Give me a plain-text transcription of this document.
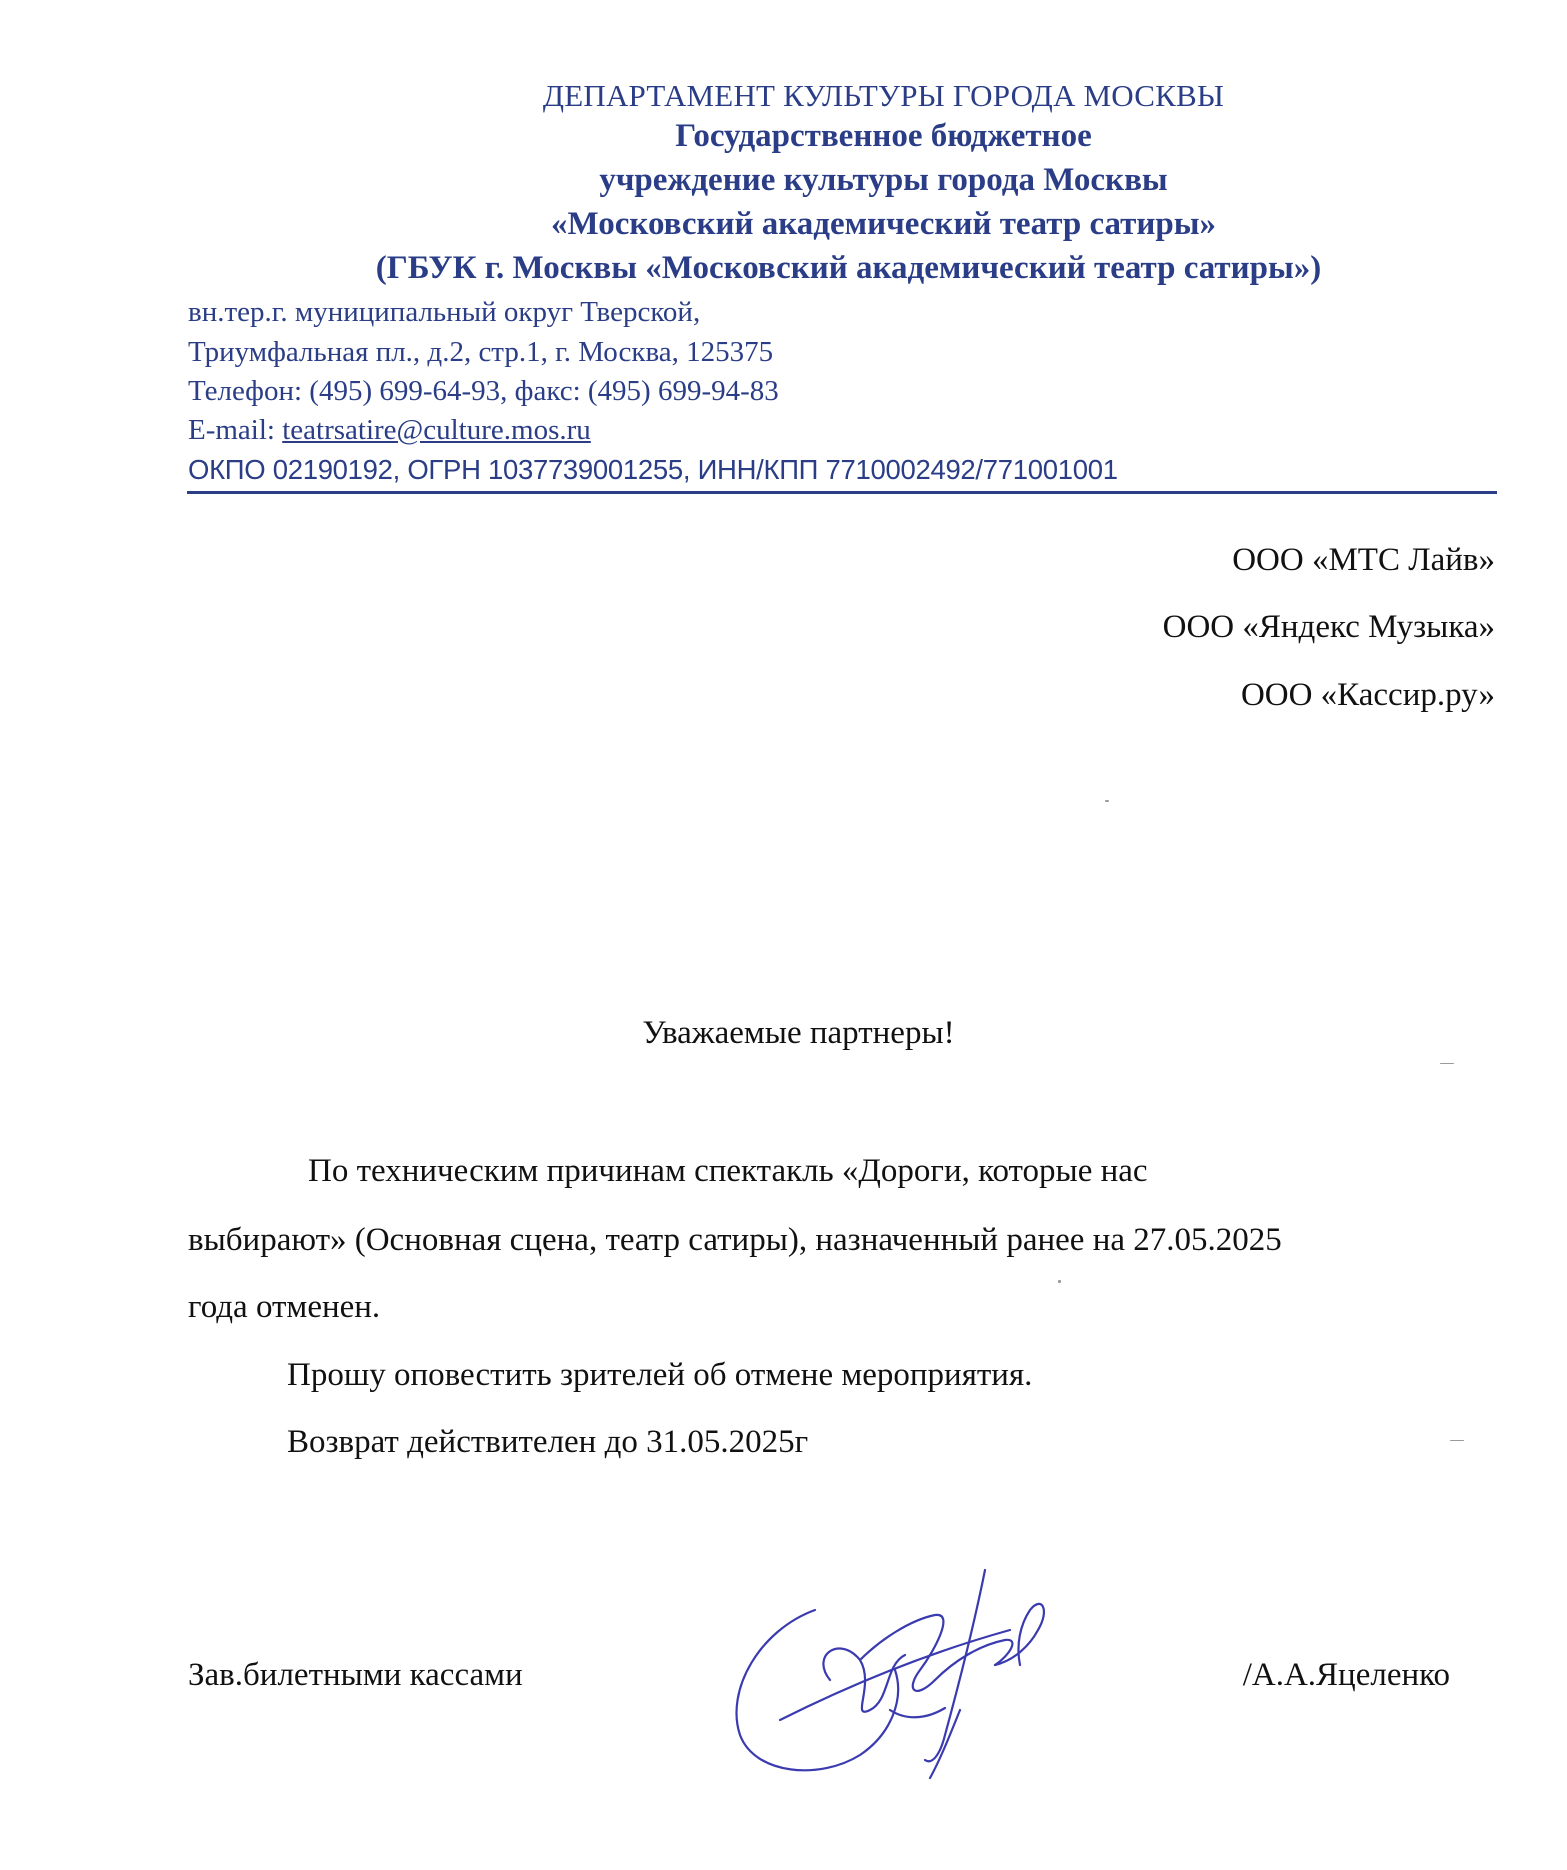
ДЕПАРТАМЕНТ КУЛЬТУРЫ ГОРОДА МОСКВЫ
Государственное бюджетное
учреждение культуры города Москвы
«Московский академический театр сатиры»
(ГБУК г. Москвы «Московский академический театр сатиры»)
вн.тер.г. муниципальный округ Тверской,
Триумфальная пл., д.2, стр.1, г. Москва, 125375
Телефон: (495) 699-64-93, факс: (495) 699-94-83
E-mail: teatrsatire@culture.mos.ru
ОКПО 02190192, ОГРН 1037739001255, ИНН/КПП 7710002492/771001001
ООО «МТС Лайв»
ООО «Яндекс Музыка»
ООО «Кассир.ру»
Уважаемые партнеры!
По техническим причинам спектакль «Дороги, которые нас
выбирают» (Основная сцена, театр сатиры), назначенный ранее на 27.05.2025
года отменен.
Прошу оповестить зрителей об отмене мероприятия.
Возврат действителен до 31.05.2025г
Зав.билетными кассами	/А.А.Яцеленко
